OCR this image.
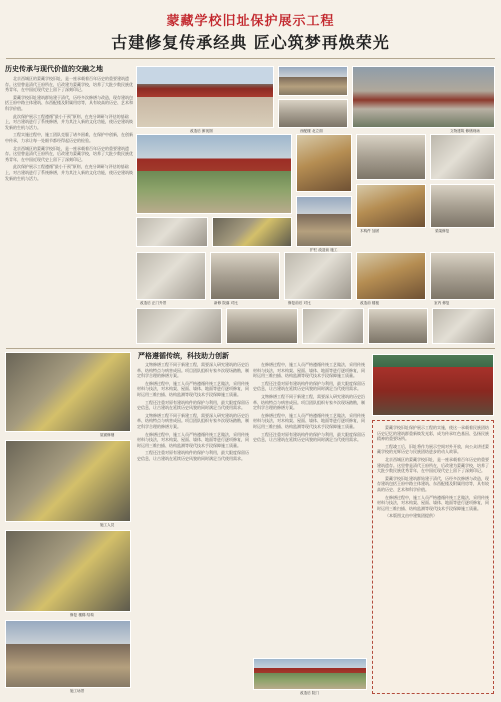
蒙藏学校旧址保护展示工程
古建修复传承经典 匠心筑梦再焕荣光
历史传承与现代价值的交融之地

北京西城区的蒙藏学校旧址，是一座承载着百年历史的重要建筑遗存。这里曾是清代王府所在，后改建为蒙藏学校，培养了大批少数民族优秀青年，在中国近现代史上留下了深刻印记。

蒙藏学校旧址建筑群始建于清代，历经多次修缮与改造，现存建筑包括王府中路主体建筑、东西配楼及附属用房等，具有较高的历史、艺术和科学价值。

此次保护展示工程遵循"最小干预"原则，在充分调研与评估的基础上，对古建筑进行了系统修缮，并为其注入新的文化功能，使历史建筑焕发新的生机与活力。

工程实施过程中，施工团队克服了诸多困难，在保护中创新，在创新中传承，力求让每一处细节都经得起历史的检验。

北京西城区的蒙藏学校旧址，是一座承载着百年历史的重要建筑遗存。这里曾是清代王府所在，后改建为蒙藏学校，培养了大批少数民族优秀青年，在中国近现代史上留下了深刻印记。

此次保护展示工程遵循"最小干预"原则，在充分调研与评估的基础上，对古建筑进行了系统修缮，并为其注入新的文化功能，使历史建筑焕发新的生机与活力。

改造后 俯视图	西配楼 北立面	文物建筑 修缮现场
木构件 加固	梁架修复
护栏 改造前 施工
改造后 正门外景	新修 院落 对比	修复前后 对比	改造前 楼板	室内 修复
屋面修缮
施工人员
修复 楼梯 结构
施工场景
严格遵循传统，科技助力创新

文物修缮工程不同于新建工程，需要深入研究建筑的历史沿革、结构特点与病害成因。项目团队组织专家多次现场踏勘，制定科学合理的修缮方案。

在修缮过程中，施工人员严格遵循传统工艺做法，采用传统材料与技法，对木构架、屋面、墙体、地面等进行逐项修复，同时运用三维扫描、结构监测等现代技术手段保障施工质量。

工程还注重对原有建筑构件的保护与利用，最大限度保留历史信息，让古建筑在延续历史风貌的同时满足当代使用需求。

文物修缮工程不同于新建工程，需要深入研究建筑的历史沿革、结构特点与病害成因。项目团队组织专家多次现场踏勘，制定科学合理的修缮方案。

在修缮过程中，施工人员严格遵循传统工艺做法，采用传统材料与技法，对木构架、屋面、墙体、地面等进行逐项修复，同时运用三维扫描、结构监测等现代技术手段保障施工质量。

工程还注重对原有建筑构件的保护与利用，最大限度保留历史信息，让古建筑在延续历史风貌的同时满足当代使用需求。

在修缮过程中，施工人员严格遵循传统工艺做法，采用传统材料与技法，对木构架、屋面、墙体、地面等进行逐项修复，同时运用三维扫描、结构监测等现代技术手段保障施工质量。

工程还注重对原有建筑构件的保护与利用，最大限度保留历史信息，让古建筑在延续历史风貌的同时满足当代使用需求。

文物修缮工程不同于新建工程，需要深入研究建筑的历史沿革、结构特点与病害成因。项目团队组织专家多次现场踏勘，制定科学合理的修缮方案。

在修缮过程中，施工人员严格遵循传统工艺做法，采用传统材料与技法，对木构架、屋面、墙体、地面等进行逐项修复，同时运用三维扫描、结构监测等现代技术手段保障施工质量。

工程还注重对原有建筑构件的保护与利用，最大限度保留历史信息，让古建筑在延续历史风貌的同时满足当代使用需求。

蒙藏学校旧址保护展示工程的实施，使这一承载着民族团结历史记忆的建筑群重新焕发光彩，成为传承红色基因、弘扬民族精神的重要场所。

工程竣工后，旧址将作为展示空间对外开放，向公众讲述蒙藏学校的光辉历史与民族团结进步的动人故事。

北京西城区的蒙藏学校旧址，是一座承载着百年历史的重要建筑遗存。这里曾是清代王府所在，后改建为蒙藏学校，培养了大批少数民族优秀青年，在中国近现代史上留下了深刻印记。

蒙藏学校旧址建筑群始建于清代，历经多次修缮与改造，现存建筑包括王府中路主体建筑、东西配楼及附属用房等，具有较高的历史、艺术和科学价值。

在修缮过程中，施工人员严格遵循传统工艺做法，采用传统材料与技法，对木构架、屋面、墙体、地面等进行逐项修复，同时运用三维扫描、结构监测等现代技术手段保障施工质量。

（本版图文由中建集团提供）

改造后 院门
